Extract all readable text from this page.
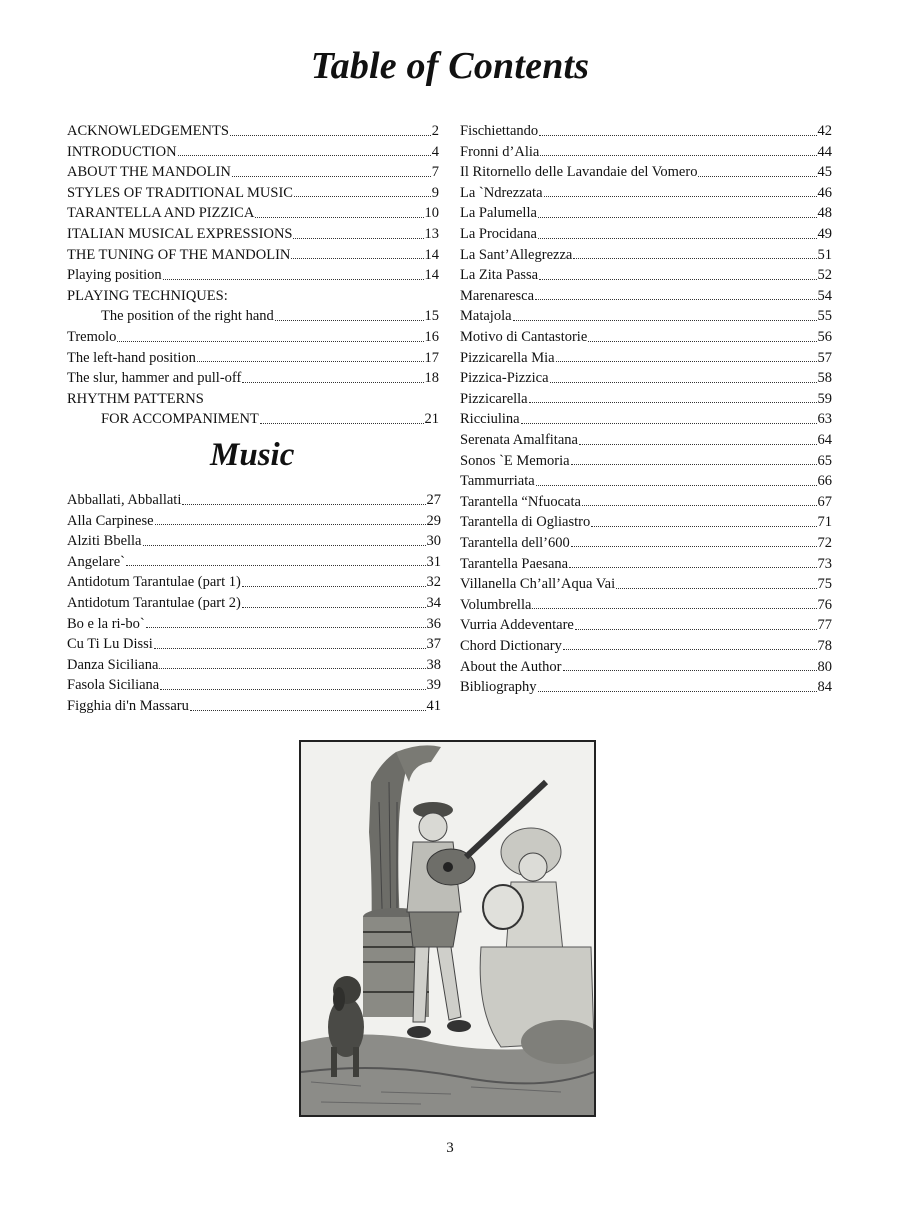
Table of Contents
ACKNOWLEDGEMENTS	2
INTRODUCTION	4
ABOUT THE MANDOLIN	7
STYLES OF TRADITIONAL MUSIC	9
TARANTELLA AND PIZZICA	10
ITALIAN MUSICAL EXPRESSIONS	13
THE TUNING OF THE MANDOLIN	14
Playing position	14
PLAYING TECHNIQUES:
The position of the right hand	15
Tremolo	16
The left-hand position	17
The slur, hammer and pull-off	18
RHYTHM PATTERNS
FOR ACCOMPANIMENT	21
Music
Abballati, Abballati	27
Alla Carpinese	29
Alziti Bbella	30
Angelare`	31
Antidotum Tarantulae (part 1)	32
Antidotum Tarantulae (part 2)	34
Bo e la ri-bo`	36
Cu Ti Lu Dissi	37
Danza Siciliana	38
Fasola Siciliana	39
Figghia di'n Massaru	41
Fischiettando	42
Fronni d’Alia	44
Il Ritornello delle Lavandaie del Vomero	45
La `Ndrezzata	46
La Palumella	48
La Procidana	49
La Sant’Allegrezza	51
La Zita Passa	52
Marenaresca	54
Matajola	55
Motivo di Cantastorie	56
Pizzicarella Mia	57
Pizzica-Pizzica	58
Pizzicarella	59
Ricciulina	63
Serenata Amalfitana	64
Sonos `E Memoria	65
Tammurriata	66
Tarantella “Nfuocata	67
Tarantella di Ogliastro	71
Tarantella dell’600	72
Tarantella Paesana	73
Villanella Ch’all’Aqua Vai	75
Volumbrella	76
Vurria Addeventare	77
Chord Dictionary	78
About the Author	80
Bibliography	84
3
